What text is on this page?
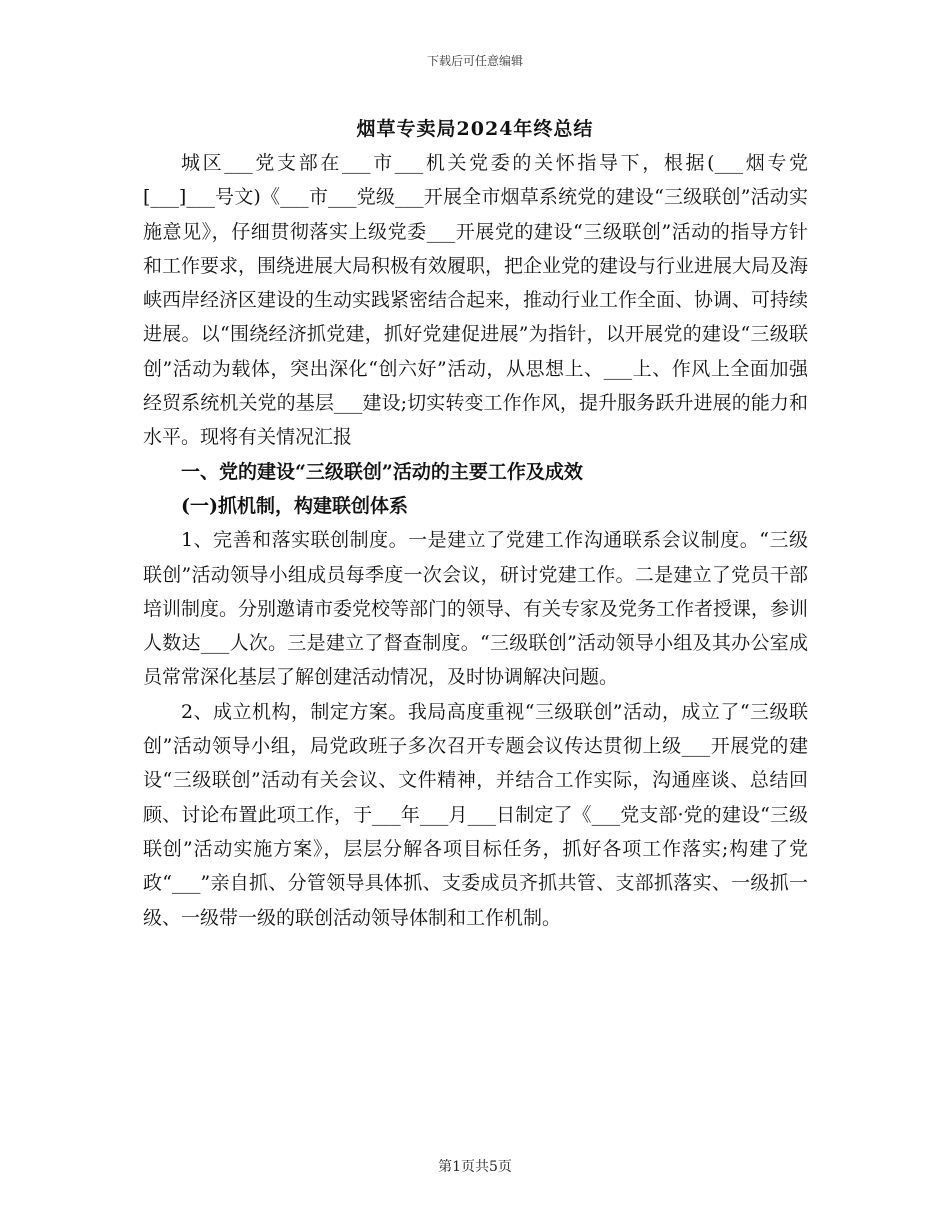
下载后可任意编辑
烟草专卖局2024年终总结

城区___党支部在___市___机关党委的关怀指导下，根据(___烟专党[___]___号文)《___市___党级___开展全市烟草系统党的建设“三级联创”活动实施意见》，仔细贯彻落实上级党委___开展党的建设“三级联创”活动的指导方针和工作要求，围绕进展大局积极有效履职，把企业党的建设与行业进展大局及海峡西岸经济区建设的生动实践紧密结合起来，推动行业工作全面、协调、可持续进展。以“围绕经济抓党建，抓好党建促进展”为指针，以开展党的建设“三级联创”活动为载体，突出深化“创六好”活动，从思想上、___上、作风上全面加强经贸系统机关党的基层___建设;切实转变工作作风，提升服务跃升进展的能力和水平。现将有关情况汇报

一、党的建设“三级联创”活动的主要工作及成效

(一)抓机制，构建联创体系

1、完善和落实联创制度。一是建立了党建工作沟通联系会议制度。“三级联创”活动领导小组成员每季度一次会议，研讨党建工作。二是建立了党员干部培训制度。分别邀请市委党校等部门的领导、有关专家及党务工作者授课，参训人数达___人次。三是建立了督查制度。“三级联创”活动领导小组及其办公室成员常常深化基层了解创建活动情况，及时协调解决问题。

2、成立机构，制定方案。我局高度重视“三级联创”活动，成立了“三级联创”活动领导小组，局党政班子多次召开专题会议传达贯彻上级___开展党的建设“三级联创”活动有关会议、文件精神，并结合工作实际，沟通座谈、总结回顾、讨论布置此项工作，于___年___月___日制定了《___党支部·党的建设“三级联创”活动实施方案》，层层分解各项目标任务，抓好各项工作落实;构建了党政“___”亲自抓、分管领导具体抓、支委成员齐抓共管、支部抓落实、一级抓一级、一级带一级的联创活动领导体制和工作机制。

第1页共5页
